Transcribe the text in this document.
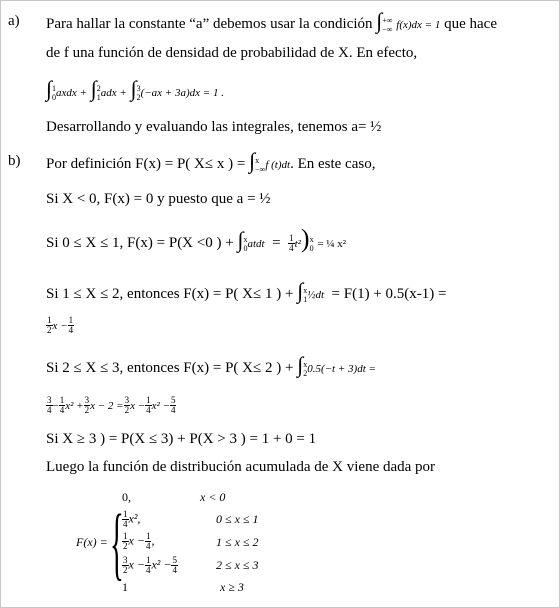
a) Para hallar la constante “a” debemos usar la condición ∫ +∞
−∞ f(x)dx = 1 que hace
de f una función de densidad de probabilidad de X. En efecto,
∫ 1
0 axdx + ∫ 2
1 adx + ∫ 3
2 (−ax + 3a)dx = 1 .
Desarrollando y evaluando las integrales, tenemos a= ½
b) Por definición F(x) = P( X≤ x ) = ∫ x
−∞ f (t)dt. En este caso,
Si X < 0, F(x) = 0 y puesto que a = ½
Si 0 ≤ X ≤ 1, F(x) = P(X <0 ) + ∫ x
0 atdt = $\frac{1}{4} t^2$) x
0 = ¼ x²
Si 1 ≤ X ≤ 2, entonces F(x) = P( X≤ 1 ) + ∫ x
1 ½dt = F(1) + 0.5(x-1) =
$\frac{1}{2}$ $x - \frac{1}{4}$
Si 2 ≤ X ≤ 3, entonces F(x) = P( X≤ 2 ) + ∫ x
2 0.5(−t + 3)dt =
$\frac{3}{4} - \frac{1}{4} x^2 + \frac{3}{2}$ $x - 2 = \frac{3}{2}$ $x - \frac{1}{4} x^2 - \frac{5}{4}$
Si X ≥ 3 ) = P(X ≤ 3) + P(X > 3 ) = 1 + 0 = 1
Luego la función de distribución acumulada de X viene dada por
F(x) = {
0,	x < 0
$\frac{1}{4} x^2$,	0 ≤ x ≤ 1
$\frac{1}{2}$ $x - \frac{1}{4}$ ,	1 ≤ x ≤ 2
$\frac{3}{2}$ $x - \frac{1}{4} x^2 - \frac{5}{4}$	2 ≤ x ≤ 3
1	x ≥ 3
